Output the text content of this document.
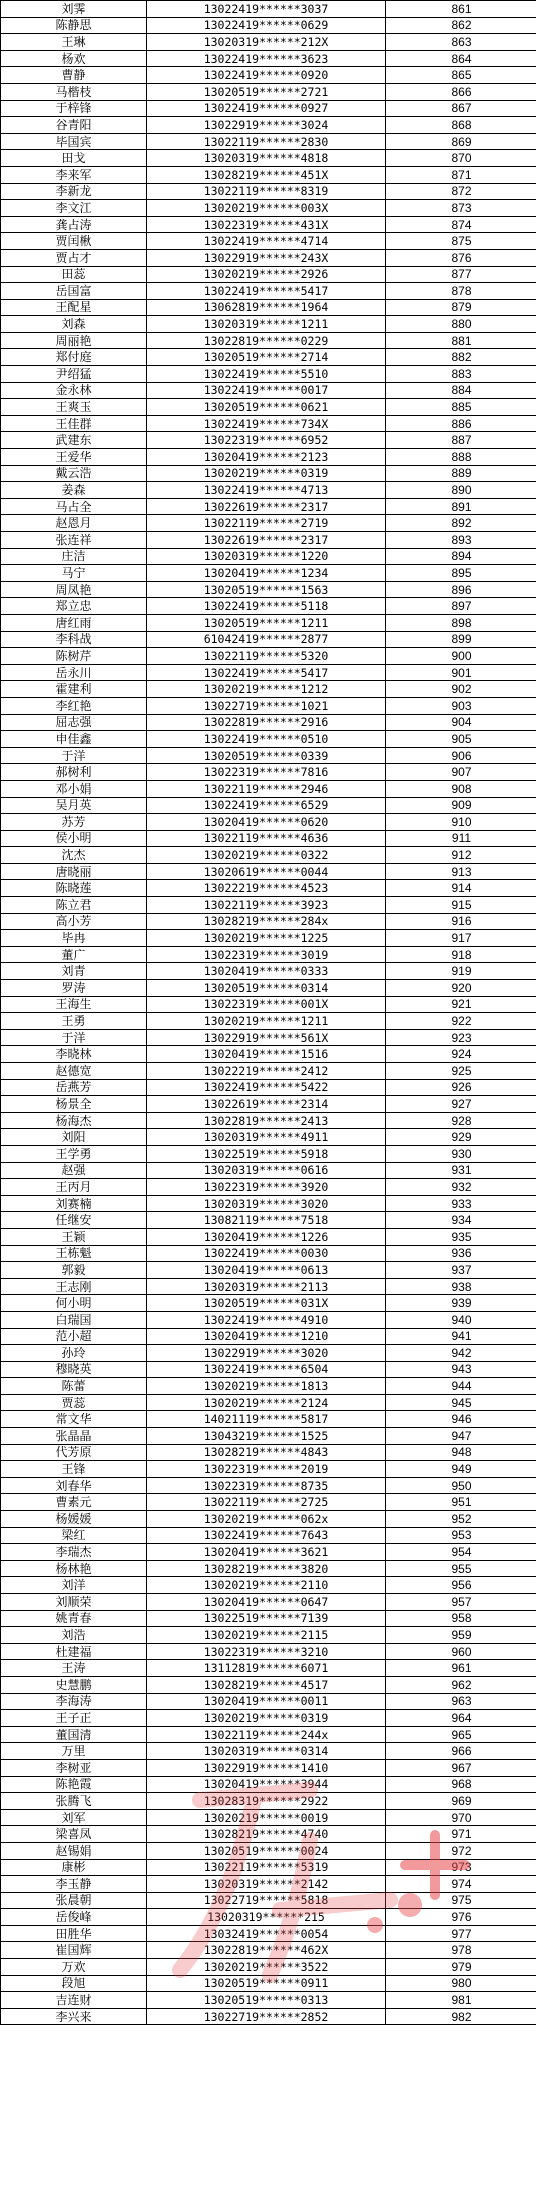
刘霁	13022419******3037	861
陈静思	13022419******0629	862
王琳	13020319******212X	863
杨欢	13022419******3623	864
曹静	13022419******0920	865
马楷枝	13020519******2721	866
于梓锋	13022419******0927	867
谷青阳	13022919******3024	868
毕国宾	13022119******2830	869
田戈	13020319******4818	870
李来军	13028219******451X	871
李新龙	13022119******8319	872
李文江	13020219******003X	873
龚占涛	13022319******431X	874
贾闰楸	13022419******4714	875
贾占才	13022919******243X	876
田蕊	13020219******2926	877
岳国富	13022419******5417	878
王配星	13062819******1964	879
刘森	13020319******1211	880
周丽艳	13022819******0229	881
郑付庭	13020519******2714	882
尹绍猛	13022419******5510	883
金永林	13022419******0017	884
王爽玉	13020519******0621	885
王佳群	13022419******734X	886
武建东	13022319******6952	887
王爱华	13020419******2123	888
戴云浩	13020219******0319	889
姜森	13022419******4713	890
马占全	13022619******2317	891
赵恩月	13022119******2719	892
张连祥	13022619******2317	893
庄洁	13020319******1220	894
马宁	13020419******1234	895
周凤艳	13020519******1563	896
郑立忠	13022419******5118	897
唐红雨	13020519******1211	898
李科战	61042419******2877	899
陈树芹	13022119******5320	900
岳永川	13022419******5417	901
霍建利	13020219******1212	902
李红艳	13022719******1021	903
屈志强	13022819******2916	904
申佳鑫	13022419******0510	905
于洋	13020519******0339	906
郝树利	13022319******7816	907
邓小娟	13022119******2946	908
吴月英	13022419******6529	909
苏芳	13020419******0620	910
侯小明	13022119******4636	911
沈杰	13020219******0322	912
唐晓丽	13020619******0044	913
陈晓莲	13022219******4523	914
陈立君	13022119******3923	915
高小芳	13028219******284x	916
毕冉	13020219******1225	917
董广	13022319******3019	918
刘青	13020419******0333	919
罗涛	13020519******0314	920
王海生	13022319******001X	921
王勇	13020219******1211	922
于洋	13022919******561X	923
李晓林	13020419******1516	924
赵德宽	13022219******2412	925
岳燕芳	13022419******5422	926
杨景全	13022619******2314	927
杨海杰	13022819******2413	928
刘阳	13020319******4911	929
王学勇	13022519******5918	930
赵强	13020319******0616	931
王丙月	13022319******3920	932
刘赛楠	13020319******3020	933
任继安	13082119******7518	934
王颖	13020419******1226	935
王栋魁	13022419******0030	936
郭毅	13020419******0613	937
王志刚	13020319******2113	938
何小明	13020519******031X	939
白瑞国	13022419******4910	940
范小超	13020419******1210	941
孙玲	13022919******3020	942
穆晓英	13022419******6504	943
陈蕾	13020219******1813	944
贾蕊	13020219******2124	945
常文华	14021119******5817	946
张晶晶	13043219******1525	947
代芳原	13028219******4843	948
王锋	13022319******2019	949
刘春华	13022319******8735	950
曹素元	13022119******2725	951
杨媛媛	13020219******062x	952
梁红	13022419******7643	953
李瑞杰	13020419******3621	954
杨林艳	13028219******3820	955
刘洋	13020219******2110	956
刘顺荣	13020419******0647	957
姚青春	13022519******7139	958
刘浩	13020219******2115	959
杜建福	13022319******3210	960
王涛	13112819******6071	961
史慧鹏	13028219******4517	962
李海涛	13020419******0011	963
王子正	13020219******0319	964
董国清	13022119******244x	965
万里	13020319******0314	966
李树亚	13022919******1410	967
陈艳霞	13020419******3944	968
张腾飞	13028319******2922	969
刘军	13020219******0019	970
梁喜凤	13028219******4740	971
赵锡娟	13020519******0024	972
康彬	13022119******5319	973
李玉静	13020319******2142	974
张晨朝	13022719******5818	975
岳俊峰	13020319******215	976
田胜华	13032419******0054	977
崔国辉	13022819******462X	978
万欢	13020219******3522	979
段旭	13020519******0911	980
吉连财	13020519******0313	981
李兴来	13022719******2852	982
